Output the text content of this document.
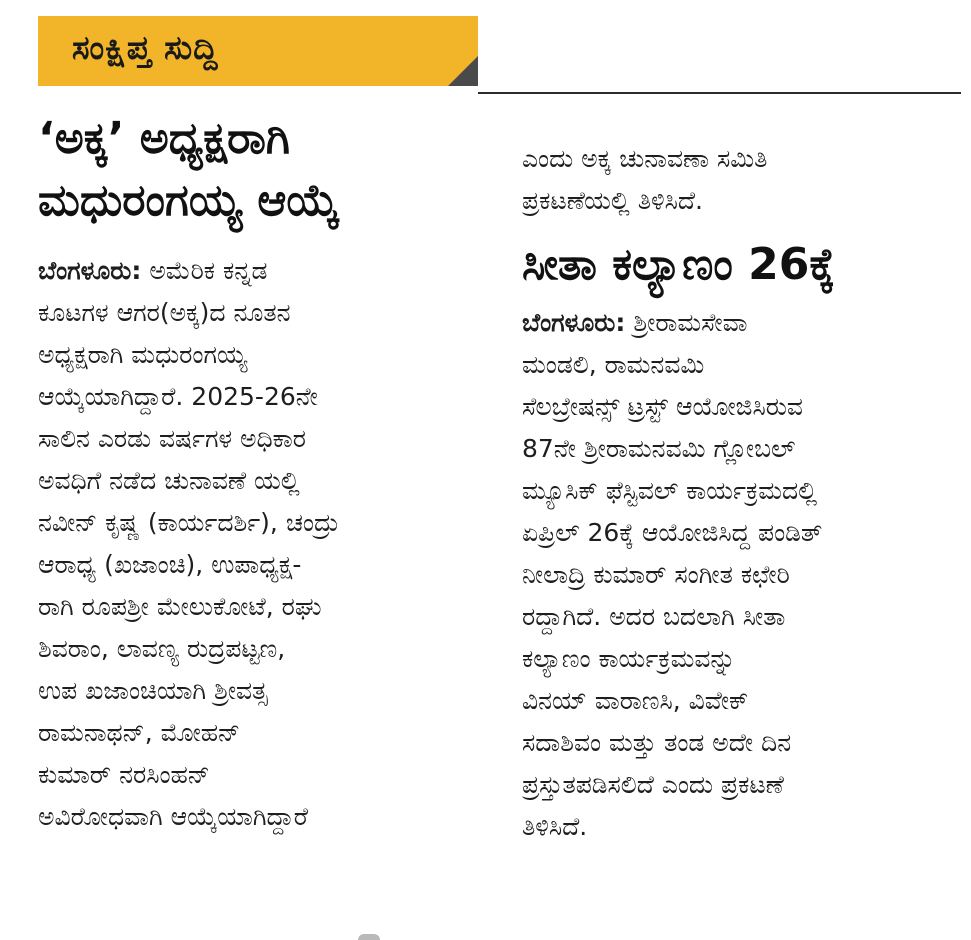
ಸಂಕ್ಷಿಪ್ತ ಸುದ್ದಿ
‘ಅಕ್ಕ’ ಅಧ್ಯಕ್ಷರಾಗಿ
ಮಧುರಂಗಯ್ಯ ಆಯ್ಕೆ

ಬೆಂಗಳೂರು: ಅಮೆರಿಕ ಕನ್ನಡ
ಕೂಟಗಳ ಆಗರ(ಅಕ್ಕ)ದ ನೂತನ
ಅಧ್ಯಕ್ಷರಾಗಿ ಮಧುರಂಗಯ್ಯ
ಆಯ್ಕೆಯಾಗಿದ್ದಾರೆ. 2025-26ನೇ
ಸಾಲಿನ ಎರಡು ವರ್ಷಗಳ ಅಧಿಕಾರ
ಅವಧಿಗೆ ನಡೆದ ಚುನಾವಣೆ ಯಲ್ಲಿ
ನವೀನ್ ಕೃಷ್ಣ (ಕಾರ್ಯದರ್ಶಿ), ಚಂದ್ರು
ಆರಾಧ್ಯ (ಖಜಾಂಚಿ), ಉಪಾಧ್ಯಕ್ಷ-
ರಾಗಿ ರೂಪಶ್ರೀ ಮೇಲುಕೋಟೆ, ರಘು
ಶಿವರಾಂ, ಲಾವಣ್ಯ ರುದ್ರಪಟ್ಟಣ,
ಉಪ ಖಜಾಂಚಿಯಾಗಿ ಶ್ರೀವತ್ಸ
ರಾಮನಾಥನ್, ಮೋಹನ್
ಕುಮಾರ್ ನರಸಿಂಹನ್
ಅವಿರೋಧವಾಗಿ ಆಯ್ಕೆಯಾಗಿದ್ದಾರೆ

ಎಂದು ಅಕ್ಕ ಚುನಾವಣಾ ಸಮಿತಿ
ಪ್ರಕಟಣೆಯಲ್ಲಿ ತಿಳಿಸಿದೆ.

ಸೀತಾ ಕಲ್ಯಾಣಂ 26ಕ್ಕೆ

ಬೆಂಗಳೂರು: ಶ್ರೀರಾಮಸೇವಾ
ಮಂಡಲಿ, ರಾಮನವಮಿ
ಸೆಲಬ್ರೇಷನ್ಸ್ ಟ್ರಸ್ಟ್ ಆಯೋಜಿಸಿರುವ
87ನೇ ಶ್ರೀರಾಮನವಮಿ ಗ್ಲೋಬಲ್
ಮ್ಯೂಸಿಕ್ ಫೆಸ್ಟಿವಲ್ ಕಾರ್ಯಕ್ರಮದಲ್ಲಿ
ಏಪ್ರಿಲ್ 26ಕ್ಕೆ ಆಯೋಜಿಸಿದ್ದ ಪಂಡಿತ್
ನೀಲಾದ್ರಿ ಕುಮಾರ್ ಸಂಗೀತ ಕಛೇರಿ
ರದ್ದಾಗಿದೆ. ಅದರ ಬದಲಾಗಿ ಸೀತಾ
ಕಲ್ಯಾಣಂ ಕಾರ್ಯಕ್ರಮವನ್ನು
ವಿನಯ್ ವಾರಾಣಸಿ, ವಿವೇಕ್
ಸದಾಶಿವಂ ಮತ್ತು ತಂಡ ಅದೇ ದಿನ
ಪ್ರಸ್ತುತಪಡಿಸಲಿದೆ ಎಂದು ಪ್ರಕಟಣೆ
ತಿಳಿಸಿದೆ.
